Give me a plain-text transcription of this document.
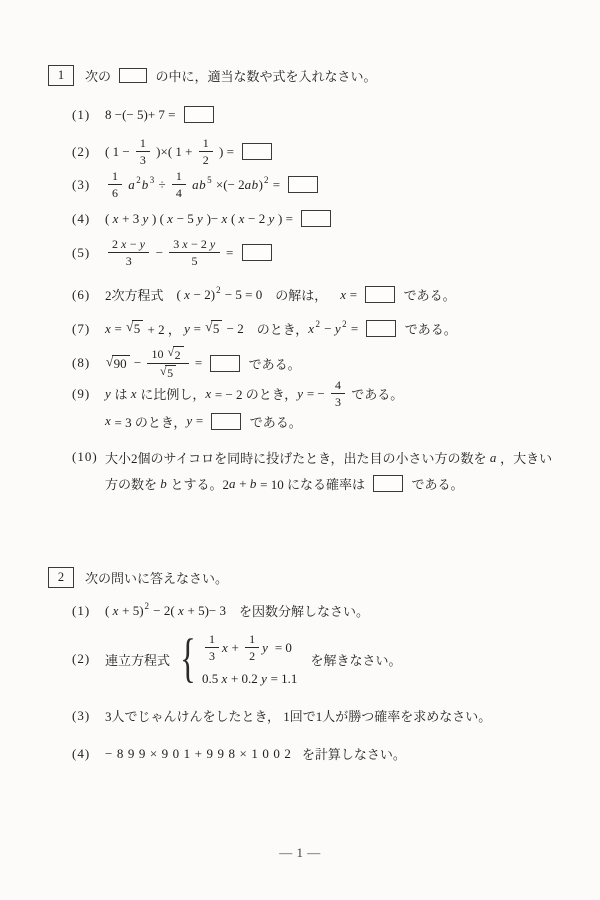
1	次の	の中に，適当な数や式を入れなさい。
(1)	8 −(− 5)+ 7 =
(2)	( $1 - \frac{1}{3}$ )×( $1 + \frac{1}{2}$ ) =
(3)	$\frac{1}{6}$
a 2 b $3 \div \frac{1}{4}$
ab 5 ×(− 2 ab ) 2 =
(4)	( x + 3 y ) ( x − 5 y )− x ( x − 2 y ) =
(5)	$\frac{2 x - y}{3} - \frac{3 x - 2 y}{5}$ =
(6)	2次方程式 ( x − 2) 2 − 5 = 0 の解は， x =	である。
(7)	x = √ 5 + 2 ， y = √ 5 − 2 のとき， x 2 − y 2 =	である。
(8)	√ $90 - \frac{10 √ 2}{√ 5}$ =	である。
(9)	y は x に比例し， x = − 2 のとき， y = − $\frac{4}{3}$ である。
x = 3 のとき， y =	である。
(10) 大小2個のサイコロを同時に投げたとき，出た目の小さい方の数を a ，大きい
方の数を b とする。2 a + b = 10 になる確率は	である。
2	次の問いに答えなさい。
(1)	( x + 5) 2 − 2( x + 5)− 3 を因数分解しなさい。
(2)	連立方程式 { $\frac{1}{3}$ $x + \frac{1}{2}$ y = 0
0.5 x + 0.2 y = 1.1
を解きなさい。
(3)	3人でじゃんけんをしたとき， 1回で1人が勝つ確率を求めなさい。
(4)	−899×901+998×1002 を計算しなさい。
— 1 —
